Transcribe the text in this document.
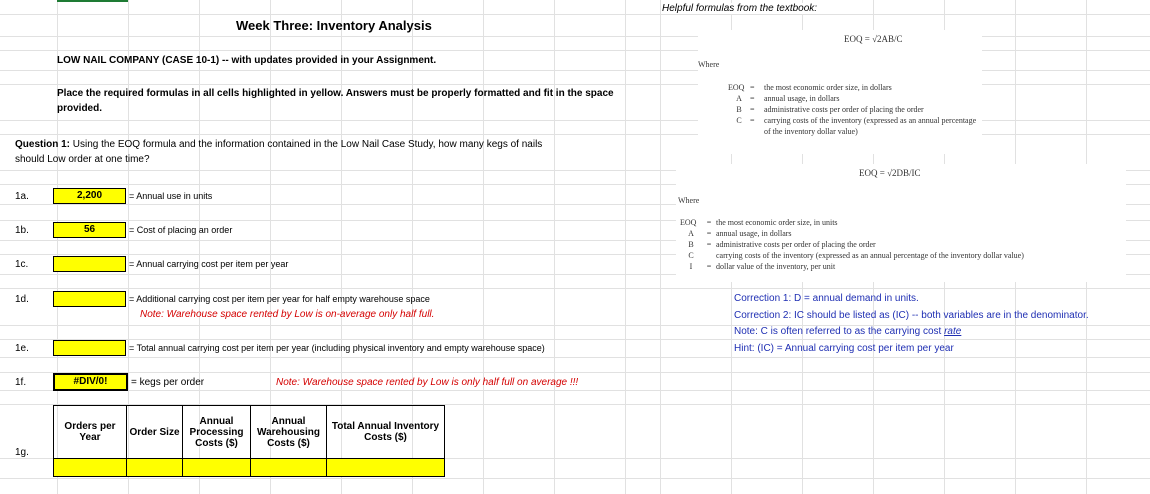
Week Three: Inventory Analysis
LOW NAIL COMPANY (CASE 10-1) -- with updates provided in your Assignment.
Place the required formulas in all cells highlighted in yellow. Answers must be properly formatted and fit in the space
provided.
Question 1: Using the EOQ formula and the information contained in the Low Nail Case Study, how many kegs of nails
should Low order at one time?
1a.	2,200	= Annual use in units
1b.	56	= Cost of placing an order
1c.	= Annual carrying cost per item per year
1d.	= Additional carrying cost per item per year for half empty warehouse space
Note: Warehouse space rented by Low is on-average only half full.
1e.	= Total annual carrying cost per item per year (including physical inventory and empty warehouse space)
1f.	#DIV/0!	= kegs per order	Note: Warehouse space rented by Low is only half full on average !!!
1g.
Orders per Year	Order Size	Annual Processing Costs ($)	Annual Warehousing Costs ($)	Total Annual Inventory Costs ($)

Helpful formulas from the textbook:
EOQ = √2AB/C
Where
EOQ = the most economic order size, in dollars
A = annual usage, in dollars
B = administrative costs per order of placing the order
C = carrying costs of the inventory (expressed as an annual percentage
of the inventory dollar value)
EOQ = √2DB/IC
Where
EOQ = the most economic order size, in units
A = annual usage, in dollars
B = administrative costs per order of placing the order
C	carrying costs of the inventory (expressed as an annual percentage of the inventory dollar value)
I = dollar value of the inventory, per unit
Correction 1: D = annual demand in units.
Correction 2: IC should be listed as (IC) -- both variables are in the denominator.
Note: C is often referred to as the carrying cost rate
Hint: (IC) = Annual carrying cost per item per year
